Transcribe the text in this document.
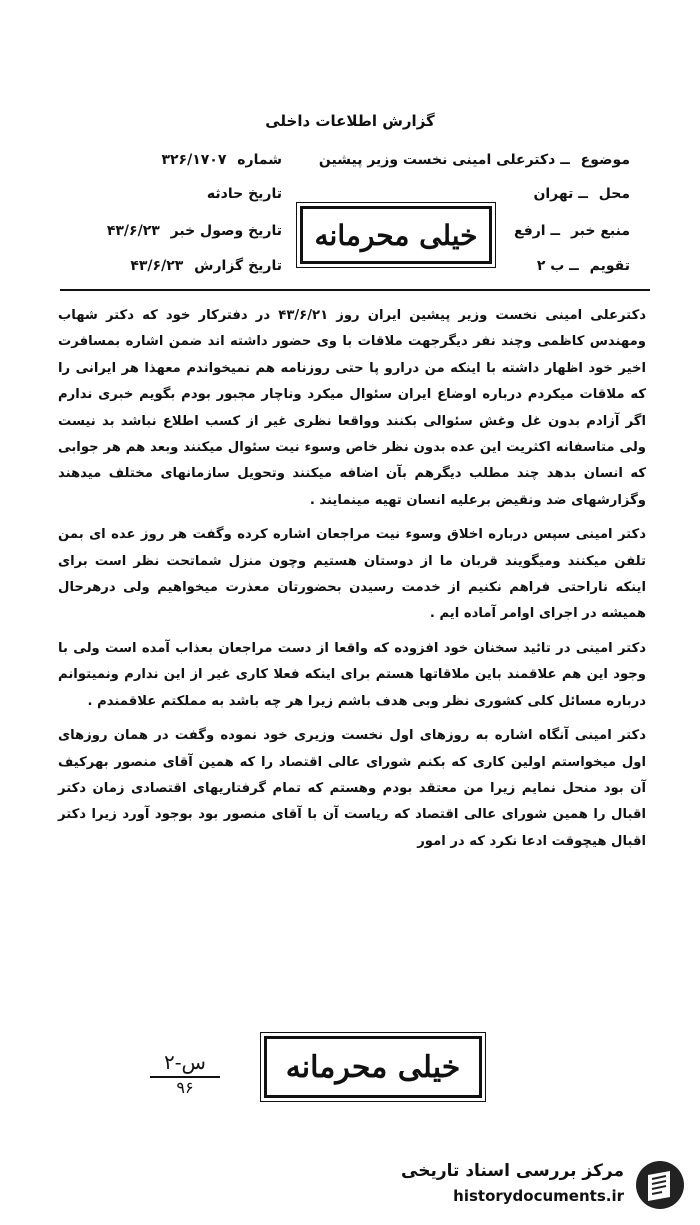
گزارش اطلاعات داخلی
موضوع ــ دکترعلی امینی نخست وزیر پیشین
محل ــ تهران
منبع خبر ــ ارفع
تقویم ــ ب ۲
شماره ۳۲۶/۱۷۰۷
تاریخ حادثه
تاریخ وصول خبر ۴۳/۶/۲۳
تاریخ گزارش ۴۳/۶/۲۳
خیلی محرمانه

دکترعلی امینی نخست وزیر پیشین ایران روز ۴۳/۶/۲۱ در دفترکار خود که دکتر شهاب ومهندس کاظمی وچند نفر دیگرجهت ملاقات با وی حضور داشته اند ضمن اشاره بمسافرت اخیر خود اظهار داشته با اینکه من درارو پا حتی روزنامه هم نمیخواندم معهذا هر ایرانی را که ملاقات میکردم درباره اوضاع ایران سئوال میکرد وناچار مجبور بودم بگویم خبری ندارم اگر آزادم بدون غل وغش سئوالی بکنند وواقعا نظری غیر از کسب اطلاع نباشد بد نیست ولی متاسفانه اکثریت این عده بدون نظر خاص وسوء نیت سئوال میکنند وبعد هم هر جوابی که انسان بدهد چند مطلب دیگرهم بآن اضافه میکنند وتحویل سازمانهای مختلف میدهند وگزارشهای ضد ونقیض برعلیه انسان تهیه مینمایند .

دکتر امینی سپس درباره اخلاق وسوء نیت مراجعان اشاره کرده وگفت هر روز عده ای بمن تلفن میکنند ومیگویند قربان ما از دوستان هستیم وچون منزل شماتحت نظر است برای اینکه ناراحتی فراهم نکنیم از خدمت رسیدن بحضورتان معذرت میخواهیم ولی درهرحال همیشه در اجرای اوامر آماده ایم .

دکتر امینی در تائید سخنان خود افزوده که واقعا از دست مراجعان بعذاب آمده است ولی با وجود این هم علاقمند باین ملاقاتها هستم برای اینکه فعلا کاری غیر از این ندارم ونمیتوانم درباره مسائل کلی کشوری نظر وبی هدف باشم زیرا هر چه باشد به مملکتم علاقمندم .

دکتر امینی آنگاه اشاره به روزهای اول نخست وزیری خود نموده وگفت در همان روزهای اول میخواستم اولین کاری که بکنم شورای عالی اقتصاد را که همین آقای منصور بهرکیف آن بود منحل نمایم زیرا من معتقد بودم وهستم که تمام گرفتاریهای اقتصادی زمان دکتر اقبال را همین شورای عالی اقتصاد که ریاست آن با آقای منصور بود بوجود آورد زیرا دکتر اقبال هیچوقت ادعا نکرد که در امور

۲-س
۹۶
خیلی محرمانه
مرکز بررسی اسناد تاریخی
historydocuments.ir
